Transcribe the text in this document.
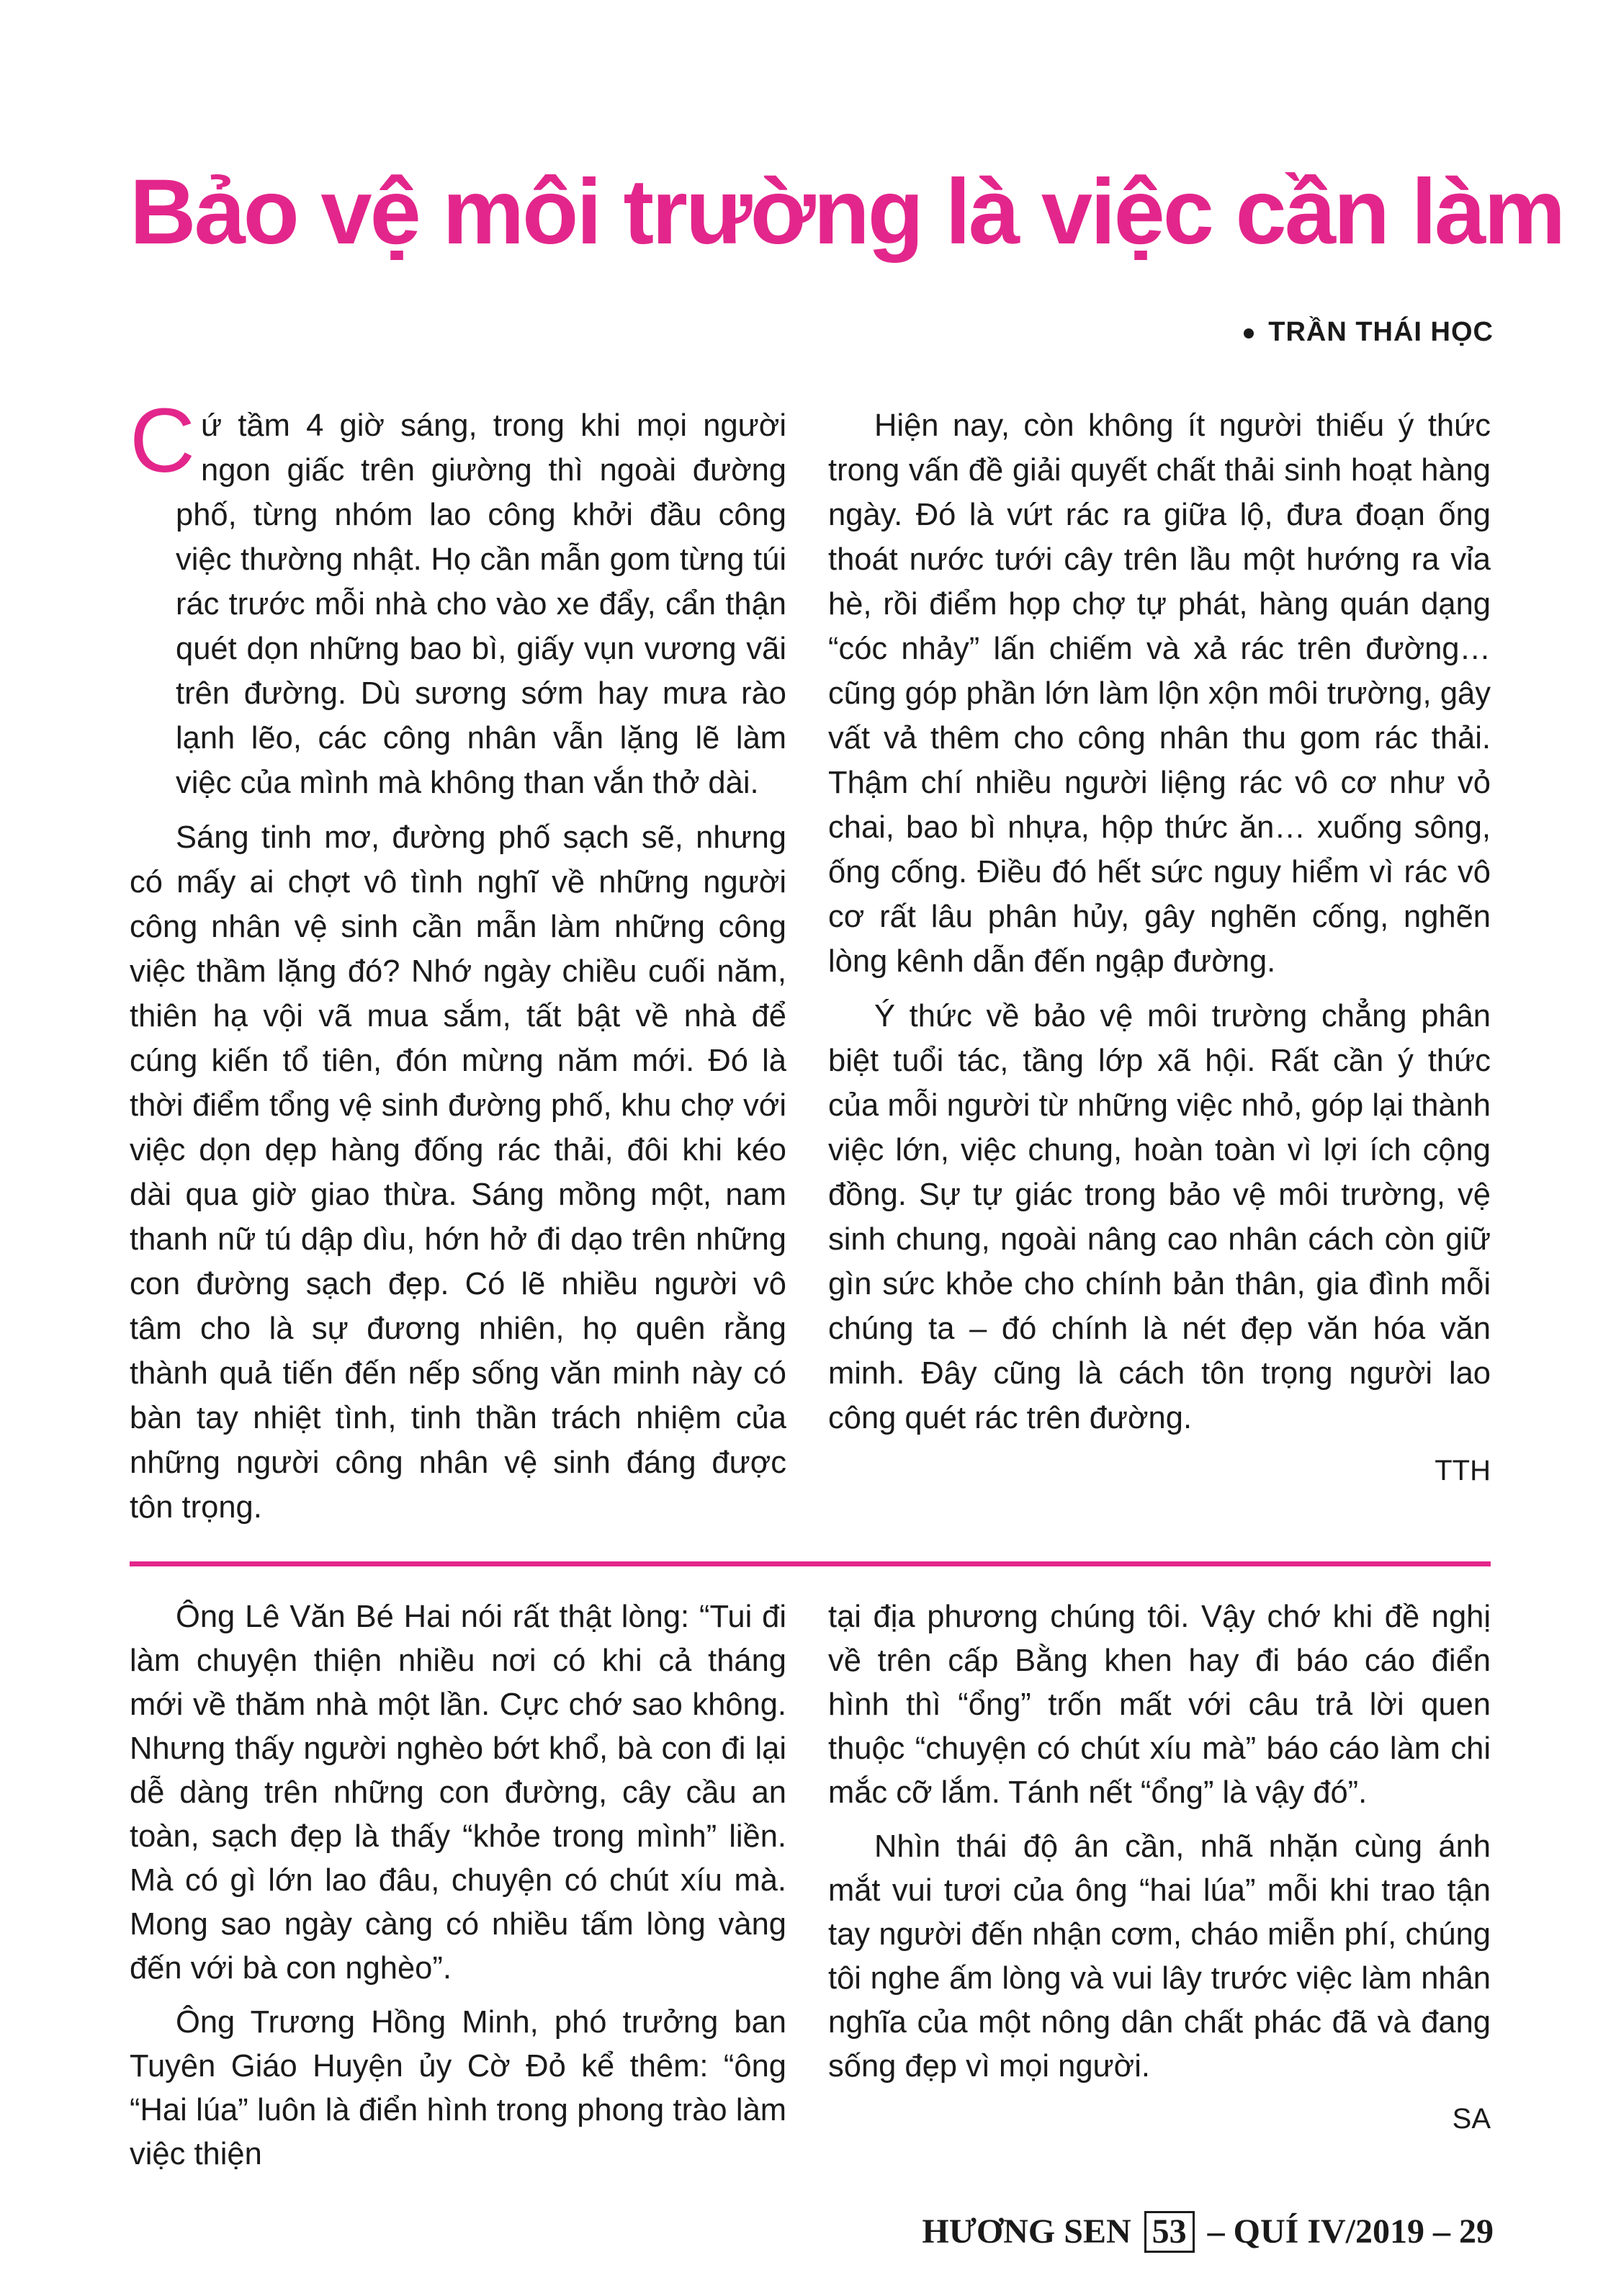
Bảo vệ môi trường là việc cần làm
TRẦN THÁI HỌC

Cứ tầm 4 giờ sáng, trong khi mọi người ngon giấc trên giường thì ngoài đường phố, từng nhóm lao công khởi đầu công việc thường nhật. Họ cần mẫn gom từng túi rác trước mỗi nhà cho vào xe đẩy, cẩn thận quét dọn những bao bì, giấy vụn vương vãi trên đường. Dù sương sớm hay mưa rào lạnh lẽo, các công nhân vẫn lặng lẽ làm việc của mình mà không than vắn thở dài.

Sáng tinh mơ, đường phố sạch sẽ, nhưng có mấy ai chợt vô tình nghĩ về những người công nhân vệ sinh cần mẫn làm những công việc thầm lặng đó? Nhớ ngày chiều cuối năm, thiên hạ vội vã mua sắm, tất bật về nhà để cúng kiến tổ tiên, đón mừng năm mới. Đó là thời điểm tổng vệ sinh đường phố, khu chợ với việc dọn dẹp hàng đống rác thải, đôi khi kéo dài qua giờ giao thừa. Sáng mồng một, nam thanh nữ tú dập dìu, hớn hở đi dạo trên những con đường sạch đẹp. Có lẽ nhiều người vô tâm cho là sự đương nhiên, họ quên rằng thành quả tiến đến nếp sống văn minh này có bàn tay nhiệt tình, tinh thần trách nhiệm của những người công nhân vệ sinh đáng được tôn trọng.

Hiện nay, còn không ít người thiếu ý thức trong vấn đề giải quyết chất thải sinh hoạt hàng ngày. Đó là vứt rác ra giữa lộ, đưa đoạn ống thoát nước tưới cây trên lầu một hướng ra vỉa hè, rồi điểm họp chợ tự phát, hàng quán dạng “cóc nhảy” lấn chiếm và xả rác trên đường… cũng góp phần lớn làm lộn xộn môi trường, gây vất vả thêm cho công nhân thu gom rác thải. Thậm chí nhiều người liệng rác vô cơ như vỏ chai, bao bì nhựa, hộp thức ăn… xuống sông, ống cống. Điều đó hết sức nguy hiểm vì rác vô cơ rất lâu phân hủy, gây nghẽn cống, nghẽn lòng kênh dẫn đến ngập đường.

Ý thức về bảo vệ môi trường chẳng phân biệt tuổi tác, tầng lớp xã hội. Rất cần ý thức của mỗi người từ những việc nhỏ, góp lại thành việc lớn, việc chung, hoàn toàn vì lợi ích cộng đồng. Sự tự giác trong bảo vệ môi trường, vệ sinh chung, ngoài nâng cao nhân cách còn giữ gìn sức khỏe cho chính bản thân, gia đình mỗi chúng ta – đó chính là nét đẹp văn hóa văn minh. Đây cũng là cách tôn trọng người lao công quét rác trên đường.

TTH

Ông Lê Văn Bé Hai nói rất thật lòng: “Tui đi làm chuyện thiện nhiều nơi có khi cả tháng mới về thăm nhà một lần. Cực chớ sao không. Nhưng thấy người nghèo bớt khổ, bà con đi lại dễ dàng trên những con đường, cây cầu an toàn, sạch đẹp là thấy “khỏe trong mình” liền. Mà có gì lớn lao đâu, chuyện có chút xíu mà. Mong sao ngày càng có nhiều tấm lòng vàng đến với bà con nghèo”.

Ông Trương Hồng Minh, phó trưởng ban Tuyên Giáo Huyện ủy Cờ Đỏ kể thêm: “ông “Hai lúa” luôn là điển hình trong phong trào làm việc thiện

tại địa phương chúng tôi. Vậy chớ khi đề nghị về trên cấp Bằng khen hay đi báo cáo điển hình thì “ổng” trốn mất với câu trả lời quen thuộc “chuyện có chút xíu mà” báo cáo làm chi mắc cỡ lắm. Tánh nết “ổng” là vậy đó”.

Nhìn thái độ ân cần, nhã nhặn cùng ánh mắt vui tươi của ông “hai lúa” mỗi khi trao tận tay người đến nhận cơm, cháo miễn phí, chúng tôi nghe ấm lòng và vui lây trước việc làm nhân nghĩa của một nông dân chất phác đã và đang sống đẹp vì mọi người.

SA
HƯƠNG SEN 53 – QUÍ IV/2019 – 29
